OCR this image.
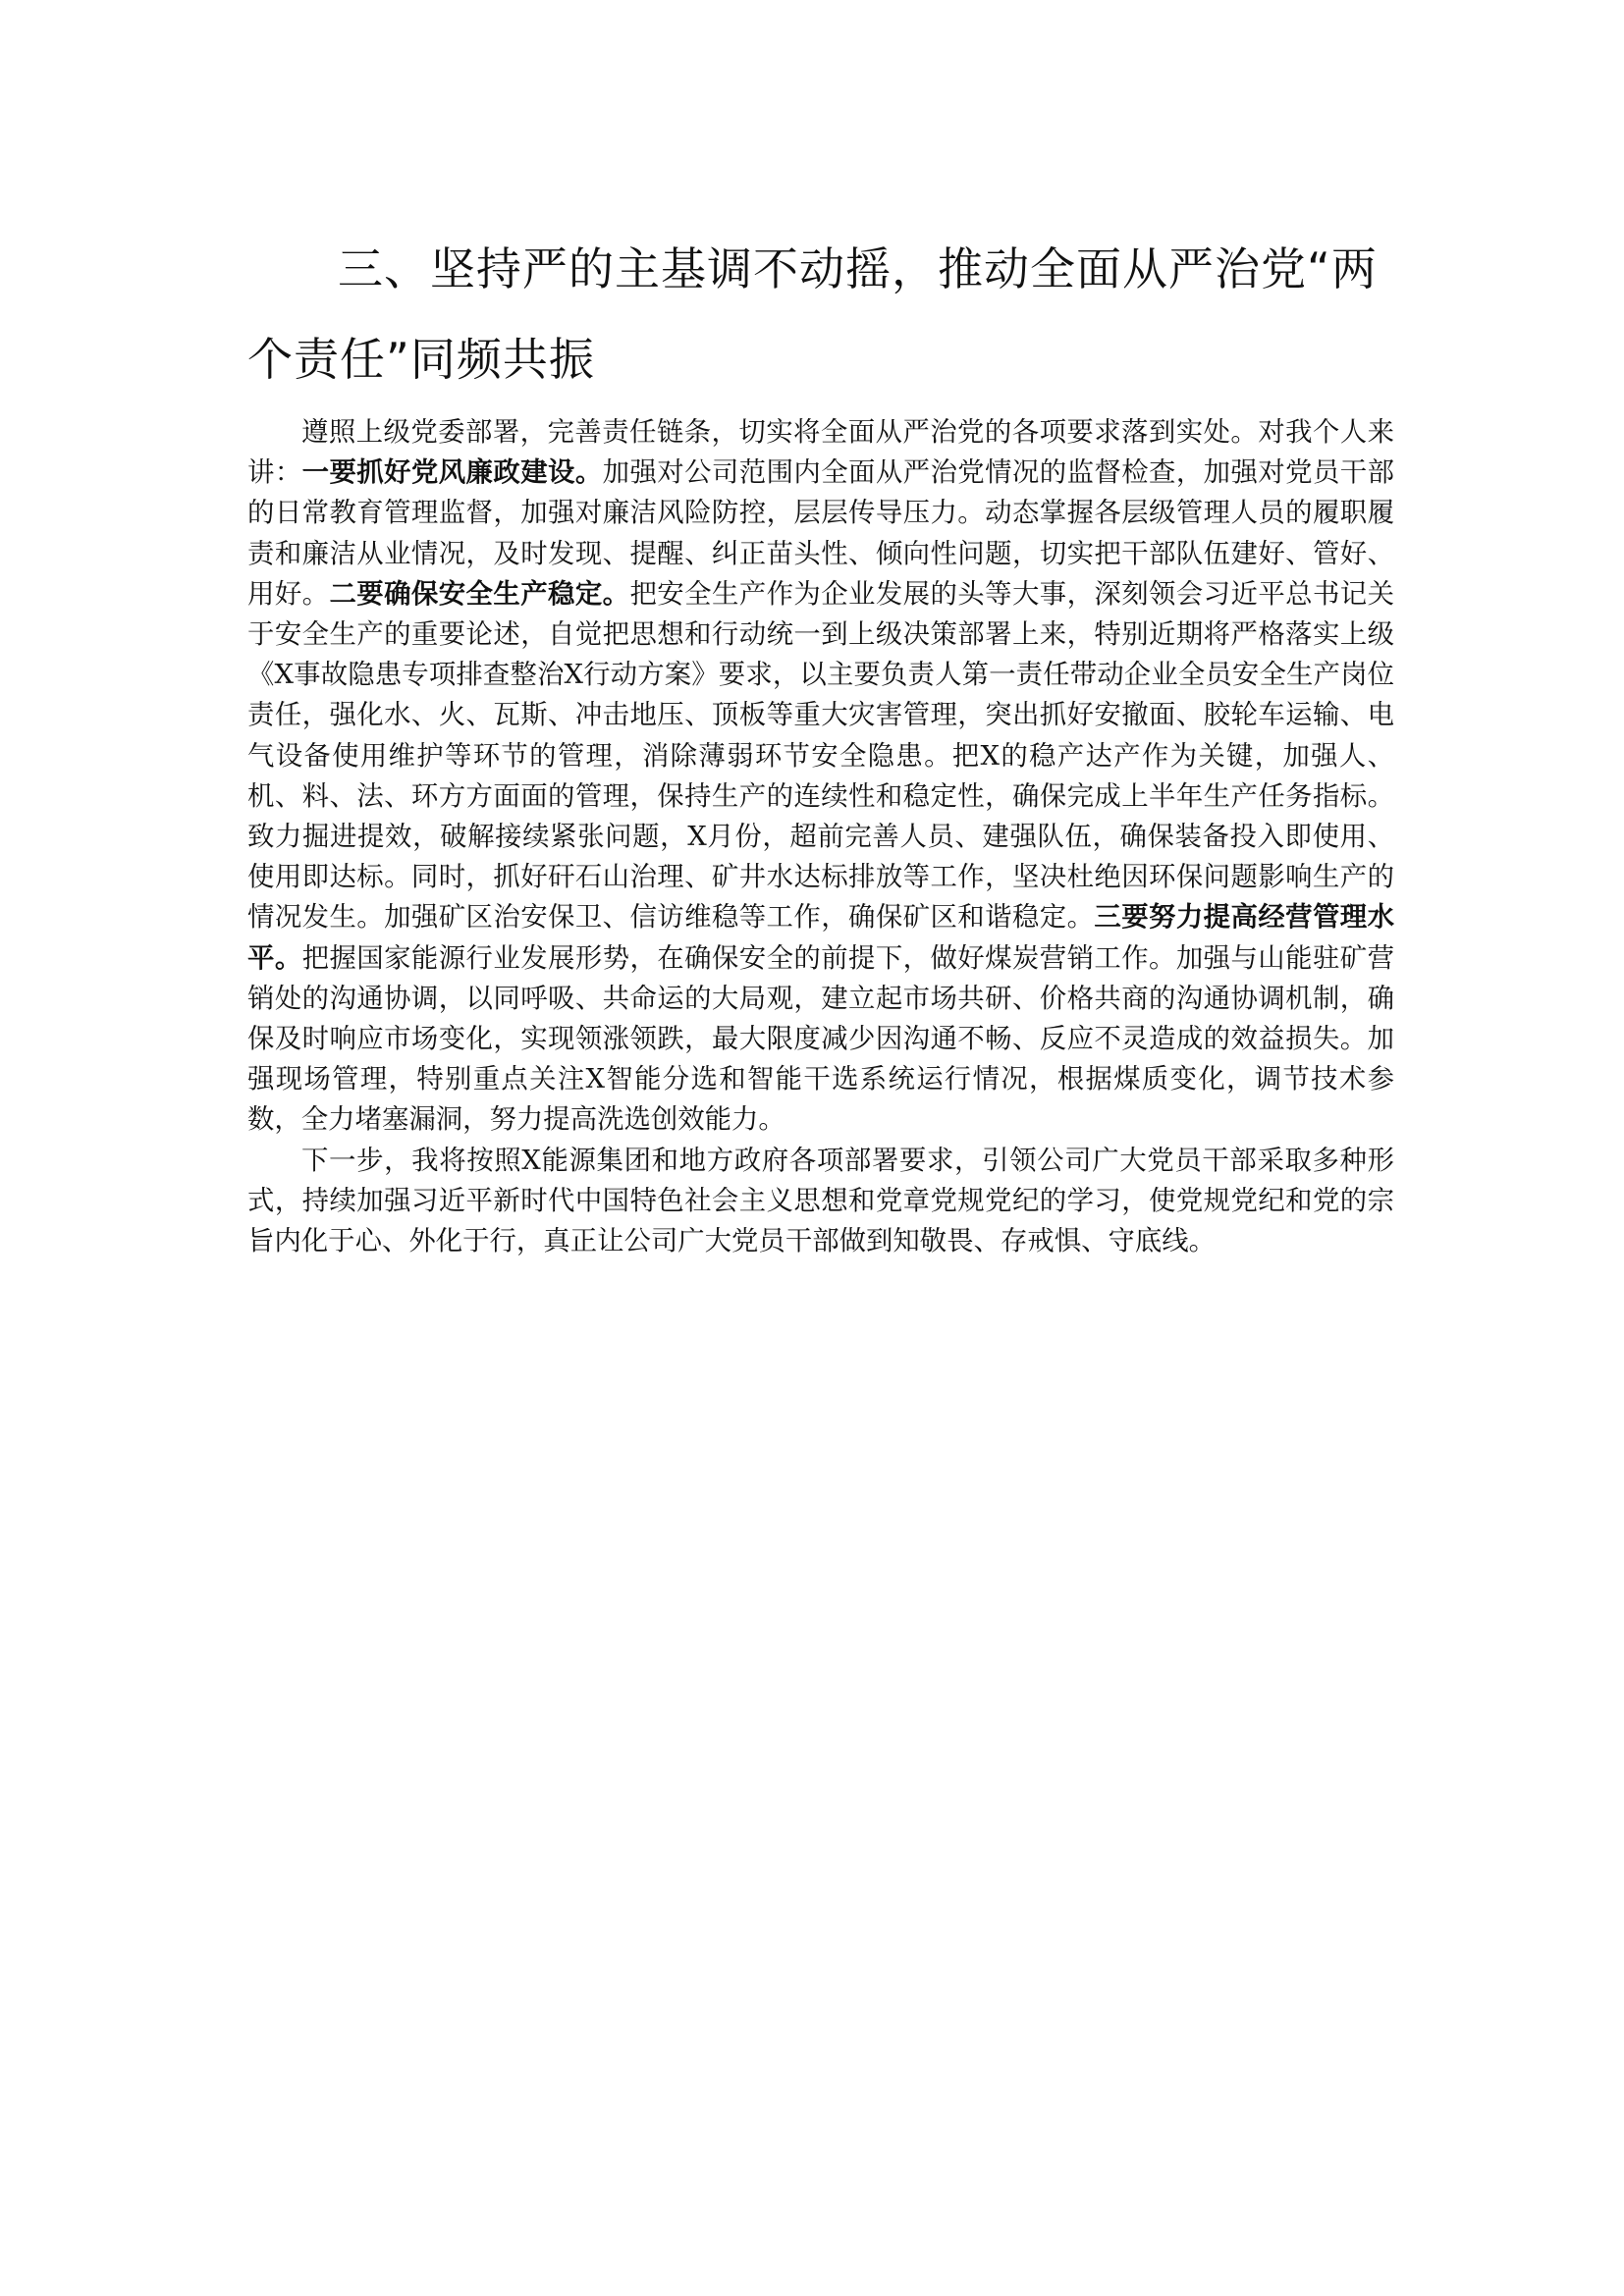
三、坚持严的主基调不动摇，推动全面从严治党“两个责任”同频共振

遵照上级党委部署，完善责任链条，切实将全面从严治党的各项要求落到实处。对我个人来讲：一要抓好党风廉政建设。加强对公司范围内全面从严治党情况的监督检查，加强对党员干部的日常教育管理监督，加强对廉洁风险防控，层层传导压力。动态掌握各层级管理人员的履职履责和廉洁从业情况，及时发现、提醒、纠正苗头性、倾向性问题，切实把干部队伍建好、管好、用好。二要确保安全生产稳定。把安全生产作为企业发展的头等大事，深刻领会习近平总书记关于安全生产的重要论述，自觉把思想和行动统一到上级决策部署上来，特别近期将严格落实上级《X事故隐患专项排查整治X行动方案》要求，以主要负责人第一责任带动企业全员安全生产岗位责任，强化水、火、瓦斯、冲击地压、顶板等重大灾害管理，突出抓好安撤面、胶轮车运输、电气设备使用维护等环节的管理，消除薄弱环节安全隐患。把X的稳产达产作为关键，加强人、机、料、法、环方方面面的管理，保持生产的连续性和稳定性，确保完成上半年生产任务指标。致力掘进提效，破解接续紧张问题，X月份，超前完善人员、建强队伍，确保装备投入即使用、使用即达标。同时，抓好矸石山治理、矿井水达标排放等工作，坚决杜绝因环保问题影响生产的情况发生。加强矿区治安保卫、信访维稳等工作，确保矿区和谐稳定。三要努力提高经营管理水平。把握国家能源行业发展形势，在确保安全的前提下，做好煤炭营销工作。加强与山能驻矿营销处的沟通协调，以同呼吸、共命运的大局观，建立起市场共研、价格共商的沟通协调机制，确保及时响应市场变化，实现领涨领跌，最大限度减少因沟通不畅、反应不灵造成的效益损失。加强现场管理，特别重点关注X智能分选和智能干选系统运行情况，根据煤质变化，调节技术参数，全力堵塞漏洞，努力提高洗选创效能力。

下一步，我将按照X能源集团和地方政府各项部署要求，引领公司广大党员干部采取多种形式，持续加强习近平新时代中国特色社会主义思想和党章党规党纪的学习，使党规党纪和党的宗旨内化于心、外化于行，真正让公司广大党员干部做到知敬畏、存戒惧、守底线。
